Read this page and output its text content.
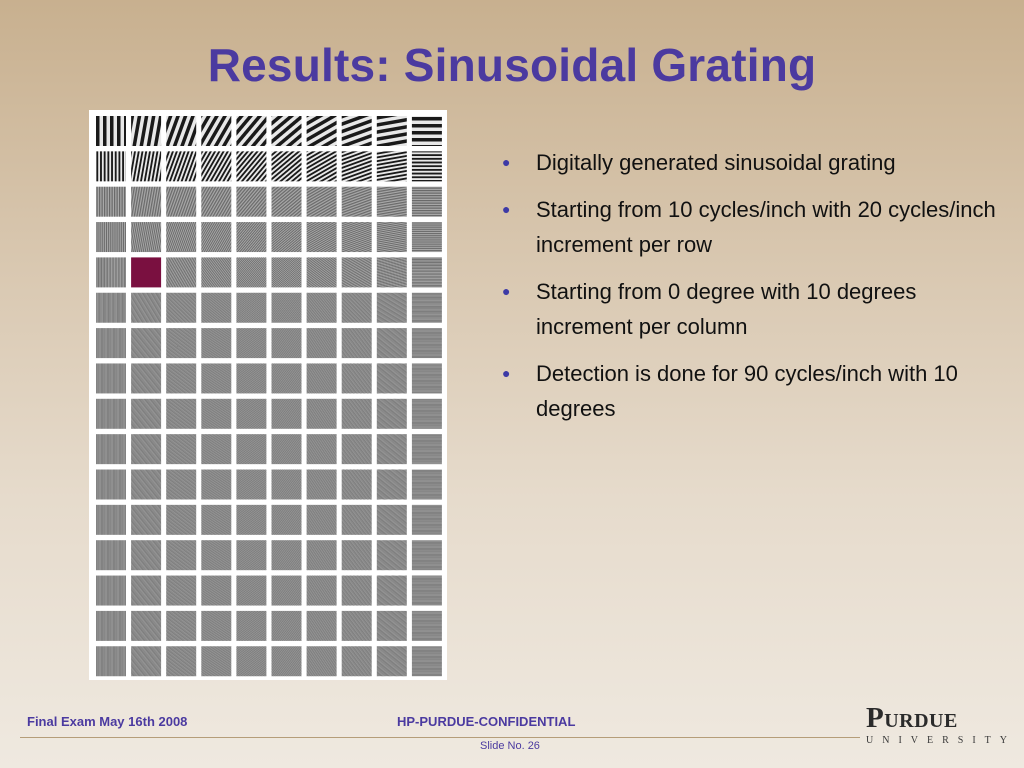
Results: Sinusoidal Grating
● Digitally generated sinusoidal grating
● Starting from 10 cycles/inch with 20 cycles/inch increment per row
● Starting from 0 degree with 10 degrees increment per column
● Detection is done for 90 cycles/inch with 10 degrees
Final Exam May 16th 2008	HP-PURDUE-CONFIDENTIAL
Slide No. 26
Purdue
UNIVERSITY
